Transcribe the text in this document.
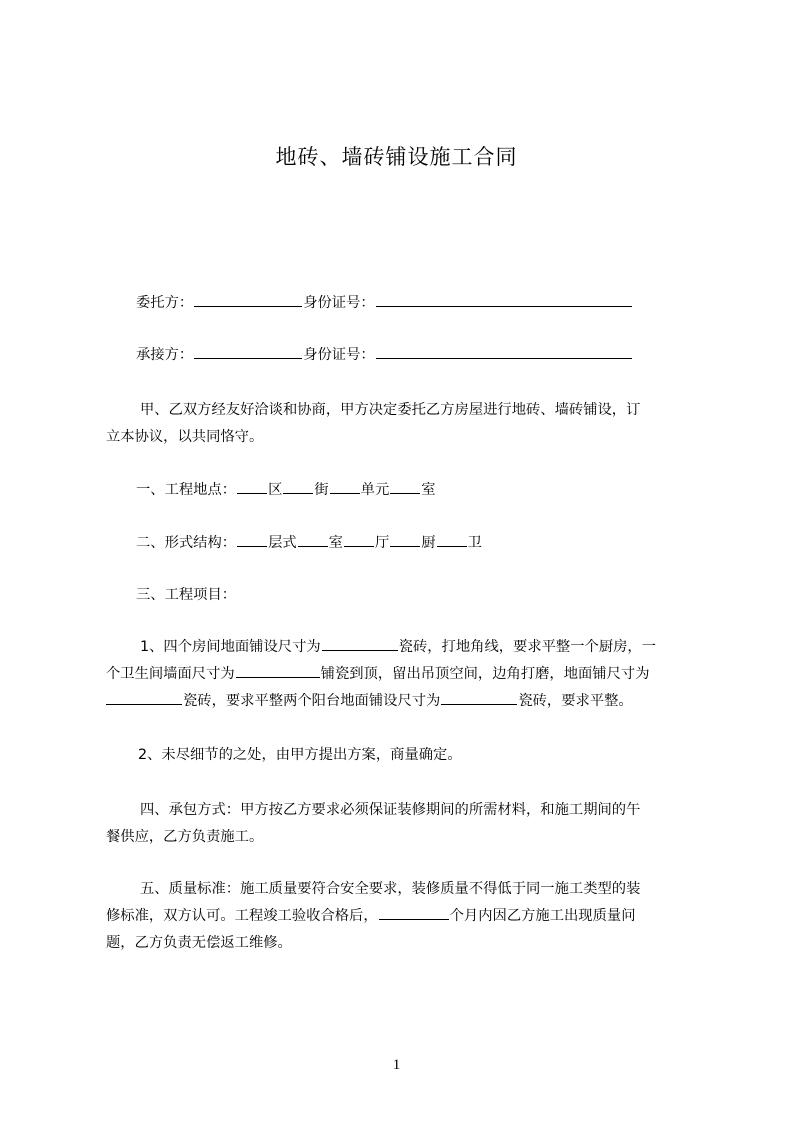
地砖、墙砖铺设施工合同
委托方：	身份证号：
承接方：	身份证号：
甲、乙双方经友好洽谈和协商，甲方决定委托乙方房屋进行地砖、墙砖铺设，订
立本协议，以共同恪守。
一、工程地点： 区 街 单元 室
二、形式结构： 层式 室 厅 厨 卫
三、工程项目：
1、四个房间地面铺设尺寸为	瓷砖，打地角线，要求平整一个厨房，一
个卫生间墙面尺寸为	铺瓷到顶，留出吊顶空间，边角打磨，地面铺尺寸为
瓷砖，要求平整两个阳台地面铺设尺寸为	瓷砖，要求平整。
2、未尽细节的之处，由甲方提出方案，商量确定。
四、承包方式：甲方按乙方要求必须保证装修期间的所需材料，和施工期间的午
餐供应，乙方负责施工。
五、质量标准：施工质量要符合安全要求，装修质量不得低于同一施工类型的装
修标准，双方认可。工程竣工验收合格后，	个月内因乙方施工出现质量问
题，乙方负责无偿返工维修。
1
